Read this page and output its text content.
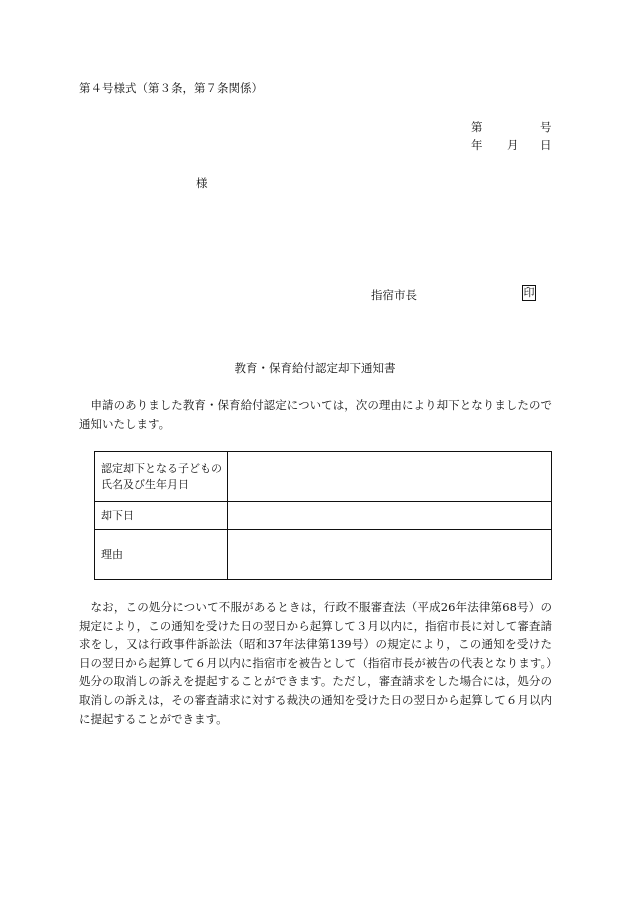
第４号様式（第３条，第７条関係）
第	号
年 月 日
様
指宿市長	印
教育・保育給付認定却下通知書
申請のありました教育・保育給付認定については，次の理由により却下となりましたので通知いたします。
認定却下となる子どもの氏名及び生年月日	
却下日	
理由	
なお，この処分について不服があるときは，行政不服審査法（平成26年法律第68号）の規定により，この通知を受けた日の翌日から起算して３月以内に，指宿市長に対して審査請求をし，又は行政事件訴訟法（昭和37年法律第139号）の規定により，この通知を受けた日の翌日から起算して６月以内に指宿市を被告として（指宿市長が被告の代表となります。）処分の取消しの訴えを提起することができます。ただし，審査請求をした場合には，処分の取消しの訴えは，その審査請求に対する裁決の通知を受けた日の翌日から起算して６月以内に提起することができます。
